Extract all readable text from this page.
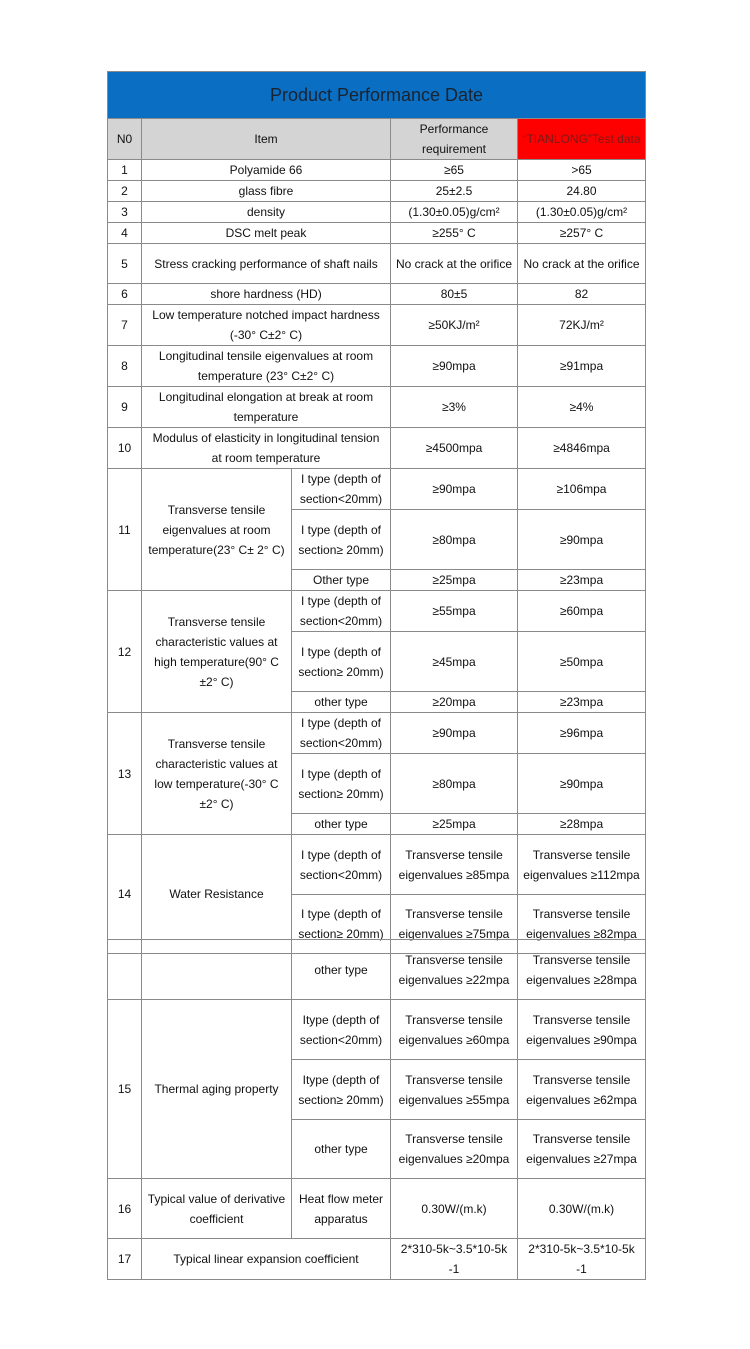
Product Performance Date				
N0	Item		Performance requirement	“TIANLONG”Test data
1	Polyamide 66		≥65	>65
2	glass fibre		25±2.5	24.80
3	density		(1.30±0.05)g/cm²	(1.30±0.05)g/cm²
4	DSC melt peak		≥255° C	≥257° C
5	Stress cracking performance of shaft nails		No crack at the orifice	No crack at the orifice
6	shore hardness (HD)		80±5	82
7	Low temperature notched impact hardness (-30° C±2° C)		≥50KJ/m²	72KJ/m²
8	Longitudinal tensile eigenvalues at room temperature (23° C±2° C)		≥90mpa	≥91mpa
9	Longitudinal elongation at break at room temperature		≥3%	≥4%
10	Modulus of elasticity in longitudinal tension at room temperature		≥4500mpa	≥4846mpa
11	Transverse tensile eigenvalues at room temperature(23° C± 2° C)	I type (depth of section<20mm)	≥90mpa	≥106mpa
		I type (depth of section≥ 20mm)	≥80mpa	≥90mpa
		Other type	≥25mpa	≥23mpa
12	Transverse tensile characteristic values at high temperature(90° C ±2° C)	I type (depth of section<20mm)	≥55mpa	≥60mpa
		I type (depth of section≥ 20mm)	≥45mpa	≥50mpa
		other type	≥20mpa	≥23mpa
13	Transverse tensile characteristic values at low temperature(-30° C ±2° C)	I type (depth of section<20mm)	≥90mpa	≥96mpa
		I type (depth of section≥ 20mm)	≥80mpa	≥90mpa
		other type	≥25mpa	≥28mpa
14	Water Resistance	I type (depth of section<20mm)	Transverse tensile eigenvalues ≥85mpa	Transverse tensile eigenvalues ≥112mpa
		I type (depth of section≥ 20mm)	Transverse tensile eigenvalues ≥75mpa	Transverse tensile eigenvalues ≥82mpa
		other type	Transverse tensile eigenvalues ≥22mpa	Transverse tensile eigenvalues ≥28mpa
15	Thermal aging property	Itype (depth of section<20mm)	Transverse tensile eigenvalues ≥60mpa	Transverse tensile eigenvalues ≥90mpa
		Itype (depth of section≥ 20mm)	Transverse tensile eigenvalues ≥55mpa	Transverse tensile eigenvalues ≥62mpa
		other type	Transverse tensile eigenvalues ≥20mpa	Transverse tensile eigenvalues ≥27mpa
16	Typical value of derivative coefficient	Heat flow meter apparatus	0.30W/(m.k)	0.30W/(m.k)
17	Typical linear expansion coefficient		2*310-5k~3.5*10-5k -1	2*310-5k~3.5*10-5k -1
